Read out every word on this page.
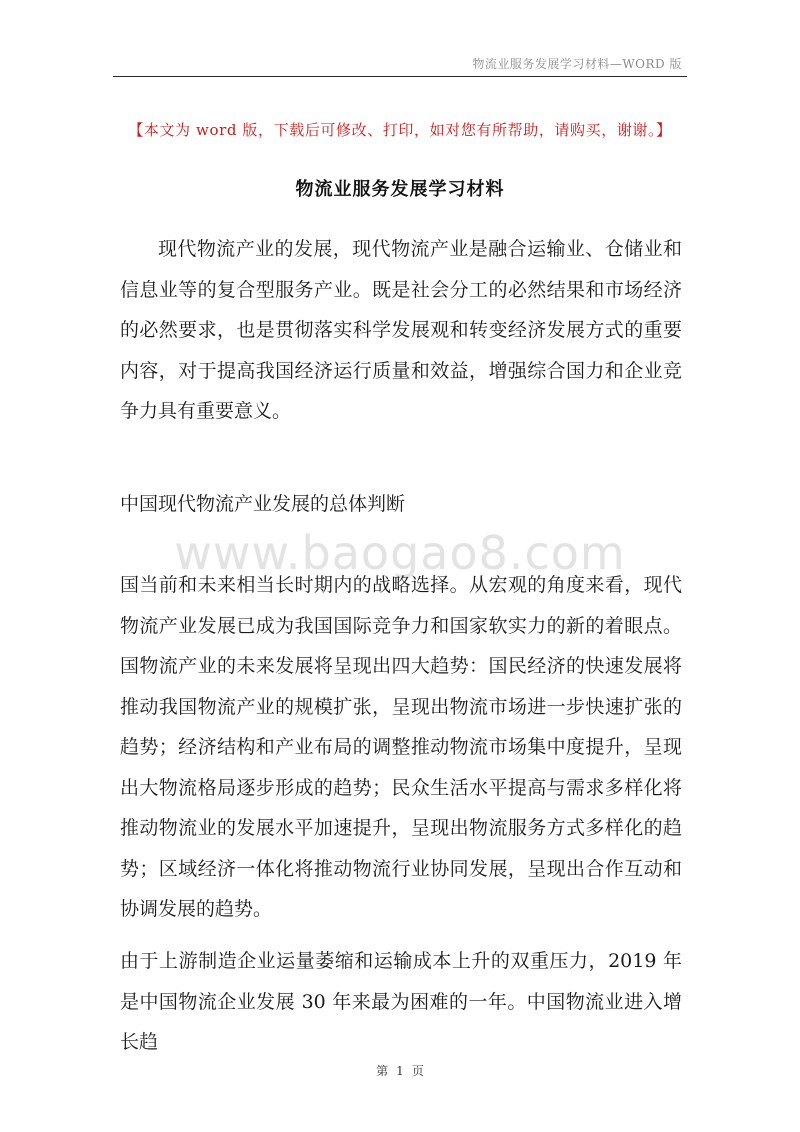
www.baogao8.com
物流业服务发展学习材料—WORD 版
【本文为 word 版，下载后可修改、打印，如对您有所帮助，请购买，谢谢。】
物流业服务发展学习材料

现代物流产业的发展，现代物流产业是融合运输业、仓储业和信息业等的复合型服务产业。既是社会分工的必然结果和市场经济的必然要求，也是贯彻落实科学发展观和转变经济发展方式的重要内容，对于提高我国经济运行质量和效益，增强综合国力和企业竞争力具有重要意义。

中国现代物流产业发展的总体判断

国当前和未来相当长时期内的战略选择。从宏观的角度来看，现代物流产业发展已成为我国国际竞争力和国家软实力的新的着眼点。国物流产业的未来发展将呈现出四大趋势：国民经济的快速发展将推动我国物流产业的规模扩张，呈现出物流市场进一步快速扩张的趋势；经济结构和产业布局的调整推动物流市场集中度提升，呈现出大物流格局逐步形成的趋势；民众生活水平提高与需求多样化将推动物流业的发展水平加速提升，呈现出物流服务方式多样化的趋势；区域经济一体化将推动物流行业协同发展，呈现出合作互动和协调发展的趋势。

由于上游制造企业运量萎缩和运输成本上升的双重压力，2019 年是中国物流企业发展 30 年来最为困难的一年。中国物流业进入增长趋

第 1 页
